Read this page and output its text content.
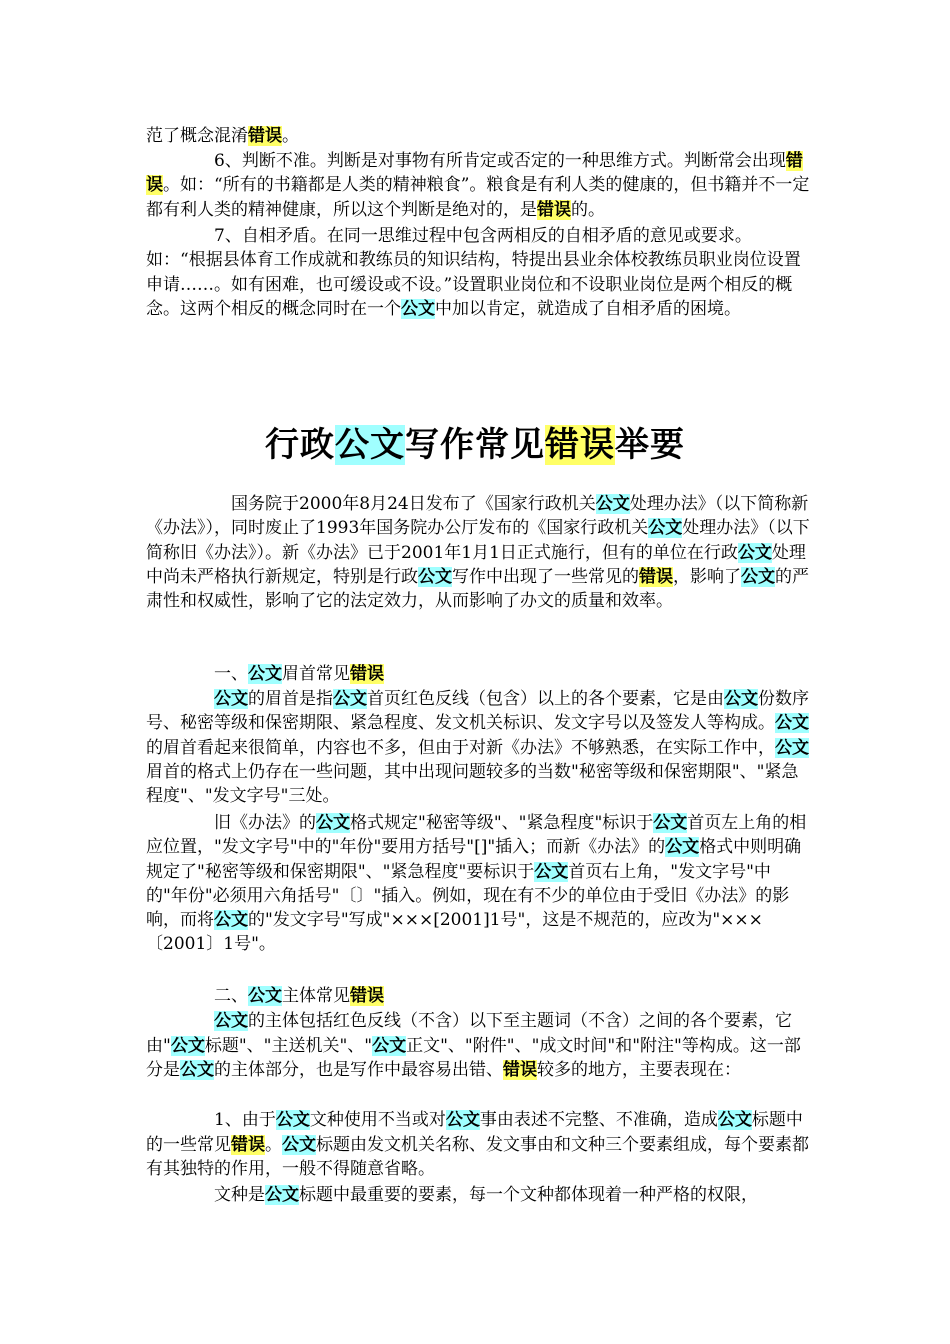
范了概念混淆错误。

6、判断不准。判断是对事物有所肯定或否定的一种思维方式。判断常会出现错误。如：“所有的书籍都是人类的精神粮食”。粮食是有利人类的健康的，但书籍并不一定都有利人类的精神健康，所以这个判断是绝对的，是错误的。

7、自相矛盾。在同一思维过程中包含两相反的自相矛盾的意见或要求。如：“根据县体育工作成就和教练员的知识结构，特提出县业余体校教练员职业岗位设置申请……。如有困难，也可缓设或不设。”设置职业岗位和不设职业岗位是两个相反的概念。这两个相反的概念同时在一个公文中加以肯定，就造成了自相矛盾的困境。

行政公文写作常见错误举要

国务院于2000年8月24日发布了《国家行政机关公文处理办法》（以下简称新《办法》），同时废止了1993年国务院办公厅发布的《国家行政机关公文处理办法》（以下简称旧《办法》）。新《办法》已于2001年1月1日正式施行，但有的单位在行政公文处理中尚未严格执行新规定，特别是行政公文写作中出现了一些常见的错误，影响了公文的严肃性和权威性，影响了它的法定效力，从而影响了办文的质量和效率。

一、公文眉首常见错误

公文的眉首是指公文首页红色反线（包含）以上的各个要素，它是由公文份数序号、秘密等级和保密期限、紧急程度、发文机关标识、发文字号以及签发人等构成。公文的眉首看起来很简单，内容也不多，但由于对新《办法》不够熟悉，在实际工作中，公文眉首的格式上仍存在一些问题，其中出现问题较多的当数"秘密等级和保密期限"、"紧急程度"、"发文字号"三处。

旧《办法》的公文格式规定"秘密等级"、"紧急程度"标识于公文首页左上角的相应位置，"发文字号"中的"年份"要用方括号"[]"插入；而新《办法》的公文格式中则明确规定了"秘密等级和保密期限"、"紧急程度"要标识于公文首页右上角，"发文字号"中的"年份"必须用六角括号"〔〕"插入。例如，现在有不少的单位由于受旧《办法》的影响，而将公文的"发文字号"写成"×××[2001]1号"，这是不规范的，应改为"×××〔2001〕1号"。

二、公文主体常见错误

公文的主体包括红色反线（不含）以下至主题词（不含）之间的各个要素，它由"公文标题"、"主送机关"、"公文正文"、"附件"、"成文时间"和"附注"等构成。这一部分是公文的主体部分，也是写作中最容易出错、错误较多的地方，主要表现在：

1、由于公文文种使用不当或对公文事由表述不完整、不准确，造成公文标题中的一些常见错误。公文标题由发文机关名称、发文事由和文种三个要素组成，每个要素都有其独特的作用，一般不得随意省略。

文种是公文标题中最重要的要素，每一个文种都体现着一种严格的权限，
